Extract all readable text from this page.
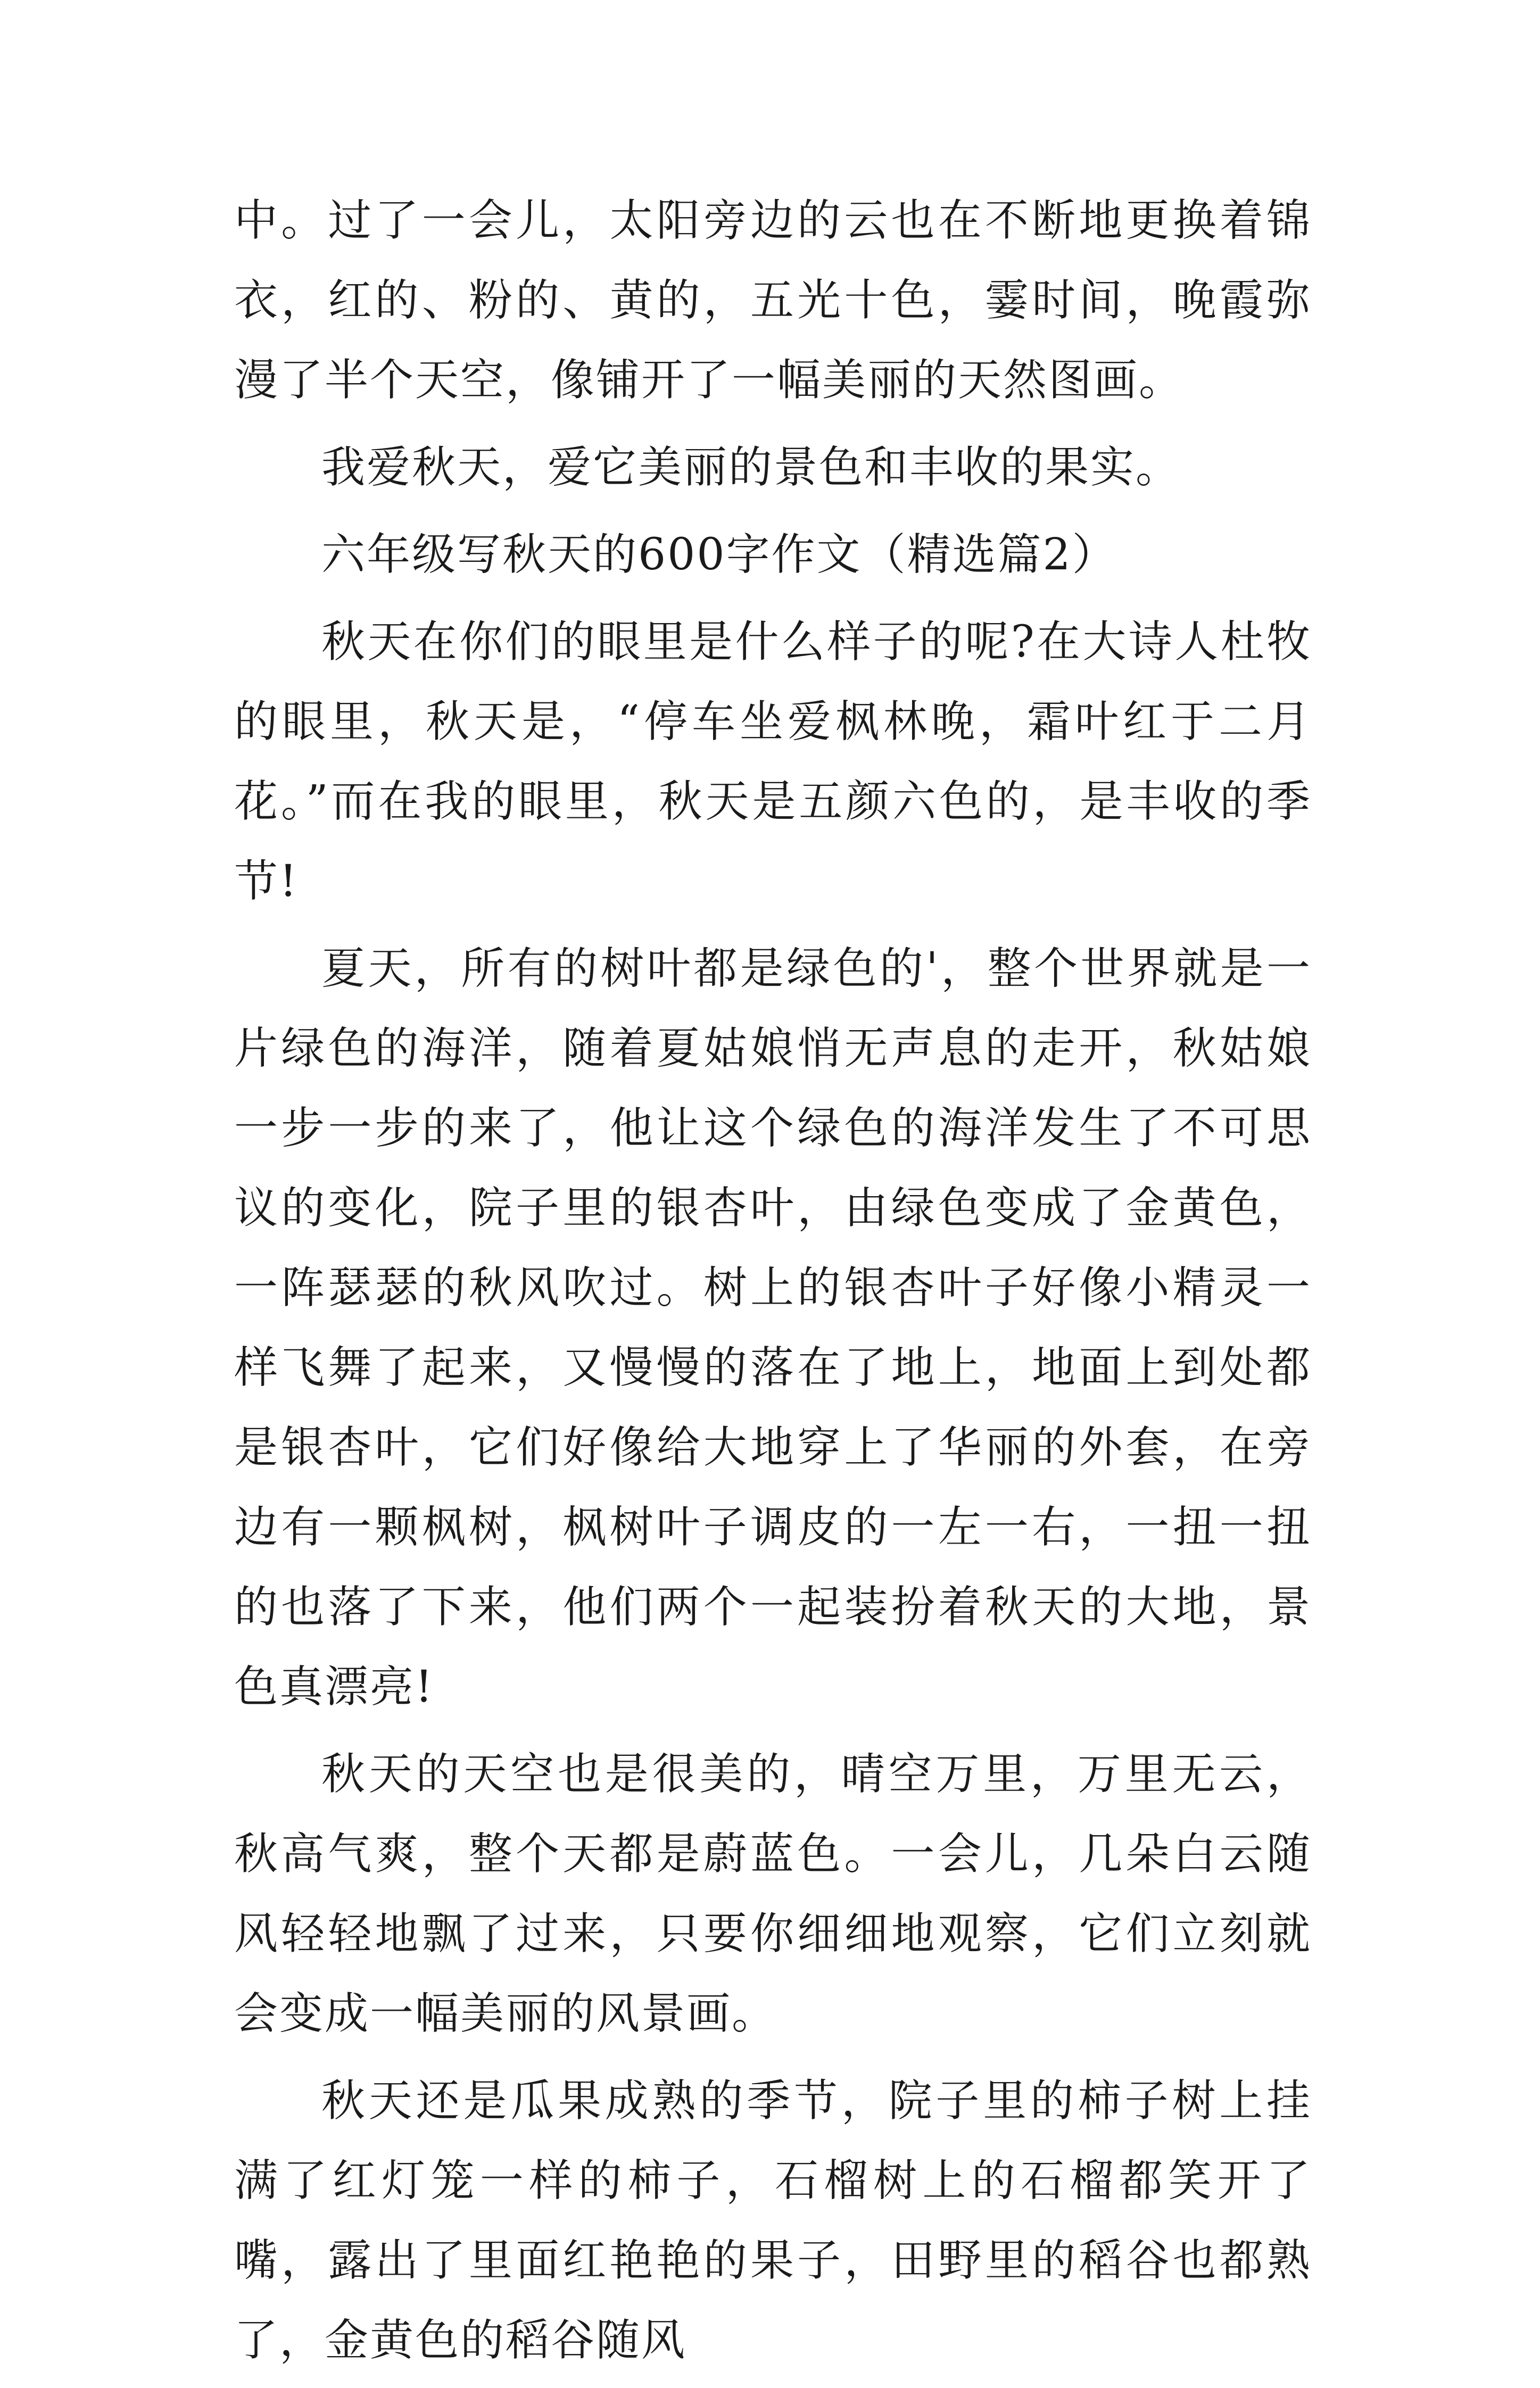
中。过了一会儿，太阳旁边的云也在不断地更换着锦衣，红的、粉的、黄的，五光十色，霎时间，晚霞弥漫了半个天空，像铺开了一幅美丽的天然图画。

我爱秋天，爱它美丽的景色和丰收的果实。

六年级写秋天的600字作文（精选篇2）

秋天在你们的眼里是什么样子的呢?在大诗人杜牧的眼里，秋天是，“停车坐爱枫林晚，霜叶红于二月花。”而在我的眼里，秋天是五颜六色的，是丰收的季节!

夏天，所有的树叶都是绿色的'，整个世界就是一片绿色的海洋，随着夏姑娘悄无声息的走开，秋姑娘一步一步的来了，他让这个绿色的海洋发生了不可思议的变化，院子里的银杏叶，由绿色变成了金黄色，一阵瑟瑟的秋风吹过。树上的银杏叶子好像小精灵一样飞舞了起来，又慢慢的落在了地上，地面上到处都是银杏叶，它们好像给大地穿上了华丽的外套，在旁边有一颗枫树，枫树叶子调皮的一左一右，一扭一扭的也落了下来，他们两个一起装扮着秋天的大地，景色真漂亮!

秋天的天空也是很美的，晴空万里，万里无云，秋高气爽，整个天都是蔚蓝色。一会儿，几朵白云随风轻轻地飘了过来，只要你细细地观察，它们立刻就会变成一幅美丽的风景画。

秋天还是瓜果成熟的季节，院子里的柿子树上挂满了红灯笼一样的柿子，石榴树上的石榴都笑开了嘴，露出了里面红艳艳的果子，田野里的稻谷也都熟了，金黄色的稻谷随风
